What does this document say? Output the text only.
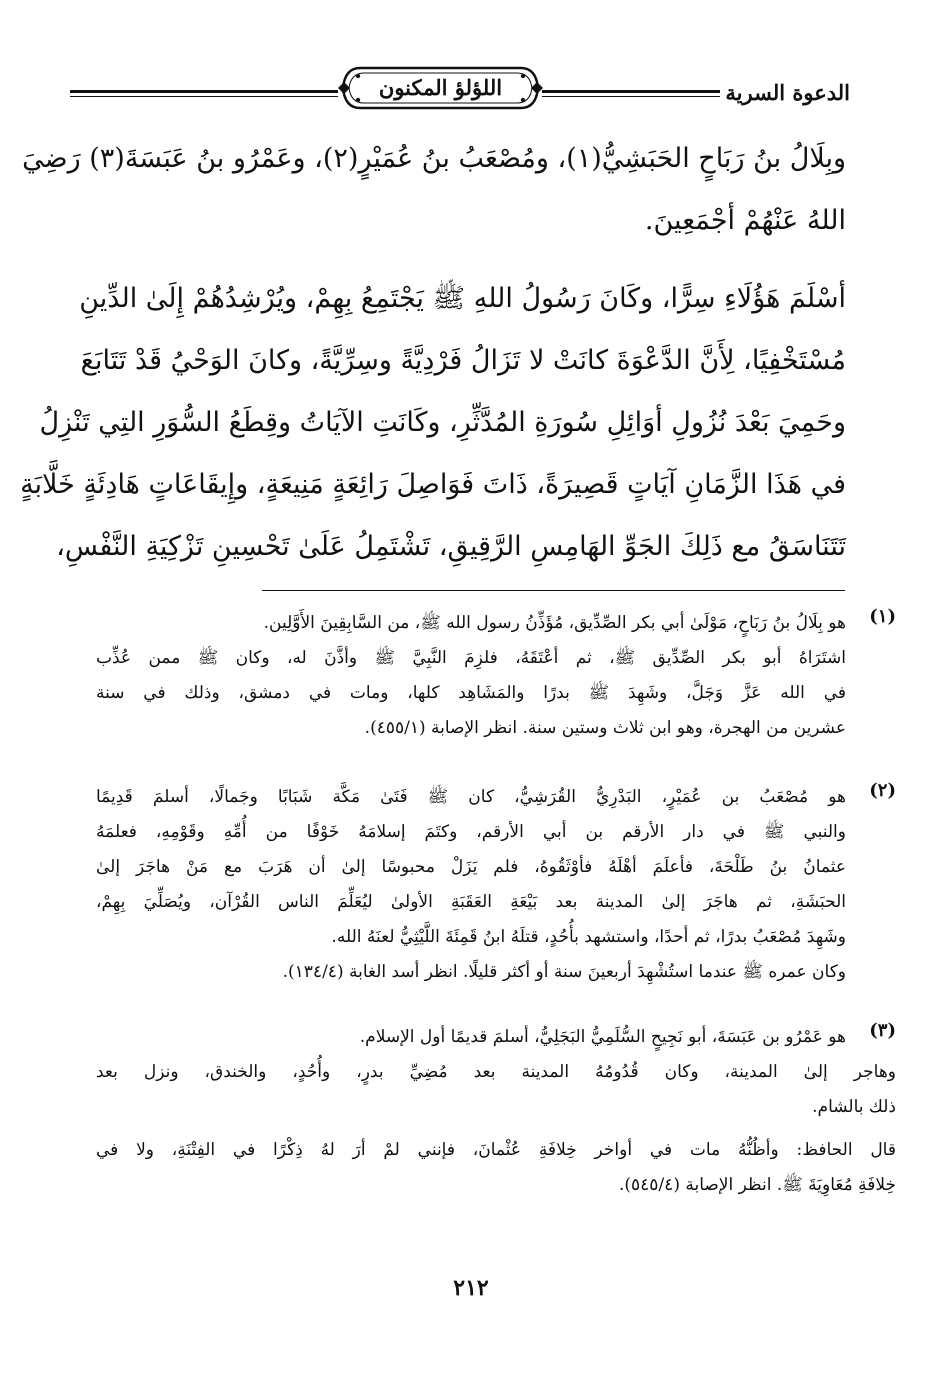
الدعوة السرية
اللؤلؤ المكنون
وبِلَالُ بنُ رَبَاحٍ الحَبَشِيُّ(١)، ومُصْعَبُ بنُ عُمَيْرٍ(٢)، وعَمْرُو بنُ عَبَسَةَ(٣) رَضِيَ
اللهُ عَنْهُمْ أجْمَعِينَ.
أسْلَمَ هَؤُلَاءِ سِرًّا، وكَانَ رَسُولُ اللهِ ﷺ يَجْتَمِعُ بِهِمْ، ويُرْشِدُهُمْ إِلَىٰ الدِّينِ
مُسْتَخْفِيًا، لِأَنَّ الدَّعْوَةَ كانَتْ لا تَزَالُ فَرْدِيَّةً وسِرِّيَّةً، وكانَ الوَحْيُ قَدْ تَتَابَعَ
وحَمِيَ بَعْدَ نُزُولِ أوَائِلِ سُورَةِ المُدَّثِّرِ، وكَانَتِ الآيَاتُ وقِطَعُ السُّوَرِ التِي تَنْزِلُ
في هَذَا الزَّمَانِ آيَاتٍ قَصِيرَةً، ذَاتَ فَوَاصِلَ رَائِعَةٍ مَنِيعَةٍ، وإِيقَاعَاتٍ هَادِئَةٍ خَلَّابَةٍ
تَتَنَاسَقُ مع ذَلِكَ الجَوِّ الهَامِسِ الرَّقِيقِ، تَشْتَمِلُ عَلَىٰ تَحْسِينِ تَزْكِيَةِ النَّفْسِ،
(١)
هو بِلَالُ بنُ رَبَاحٍ، مَوْلَىٰ أبي بكر الصِّدِّيق، مُؤَذِّنُ رسول الله ﷺ، من السَّابِقِينَ الأَوَّلِين.
اشتَرَاهُ أبو بكر الصِّدِّيق ﷺ، ثم أعْتَقَهُ، فلزِمَ النَّبِيَّ ﷺ وأذَّنَ له، وكان ﷺ ممن عُذِّب
في الله عَزَّ وَجَلَّ، وشَهِدَ ﷺ بدرًا والمَشَاهِد كلها، ومات في دمشق، وذلك في سنة
عشرين من الهجرة، وهو ابن ثلاث وستين سنة. انظر الإصابة (٤٥٥/١).
(٢)
هو مُصْعَبُ بن عُمَيْرٍ، البَدْرِيُّ القُرَشِيُّ، كان ﷺ فَتَىٰ مَكَّة شَبَابًا وجَمالًا، أسلمَ قَدِيمًا
والنبي ﷺ في دار الأرقم بن أبي الأرقم، وكتَمَ إسلامَهُ خَوْفًا من أُمِّهِ وقَوْمِهِ، فعلمَهُ
عثمانُ بنُ طَلْحَةَ، فأعلَمَ أهْلَهُ فأوْثَقُوهُ، فلم يَزَلْ محبوسًا إلىٰ أن هَرَبَ مع مَنْ هاجَرَ إلىٰ
الحبَشَةِ، ثم هاجَرَ إلىٰ المدينة بعد بَيْعَةِ العَقَبَةِ الأولىٰ ليُعَلِّمَ الناس القُرْآن، ويُصَلِّيَ بِهِمْ،
وشَهِدَ مُصْعَبُ بدرًا، ثم أحدًا، واستشهد بأُحُدٍ، قتلَهُ ابنُ قَمِئَةَ اللَّيْثِيُّ لعنَهُ الله.
وكان عمره ﷺ عندما استُشْهِدَ أربعينَ سنة أو أكثر قليلًا. انظر أسد الغابة (١٣٤/٤).
(٣)
هو عَمْرُو بن عَبَسَةَ، أبو نَجِيحٍ السُّلَمِيُّ البَجَلِيُّ، أسلمَ قديمًا أول الإسلام.
وهاجر إلىٰ المدينة، وكان قُدُومُهُ المدينة بعد مُضِيِّ بدرٍ، وأُحُدٍ، والخندق، ونزل بعد
ذلك بالشام.
قال الحافظ: وأظُنُّهُ مات في أواخر خِلافَةِ عُثْمانَ، فإنني لمْ أرَ لهُ ذِكْرًا في الفِتْنَةِ، ولا في
خِلافَةِ مُعَاوِيَةَ ﷺ. انظر الإصابة (٥٤٥/٤).
٢١٢
